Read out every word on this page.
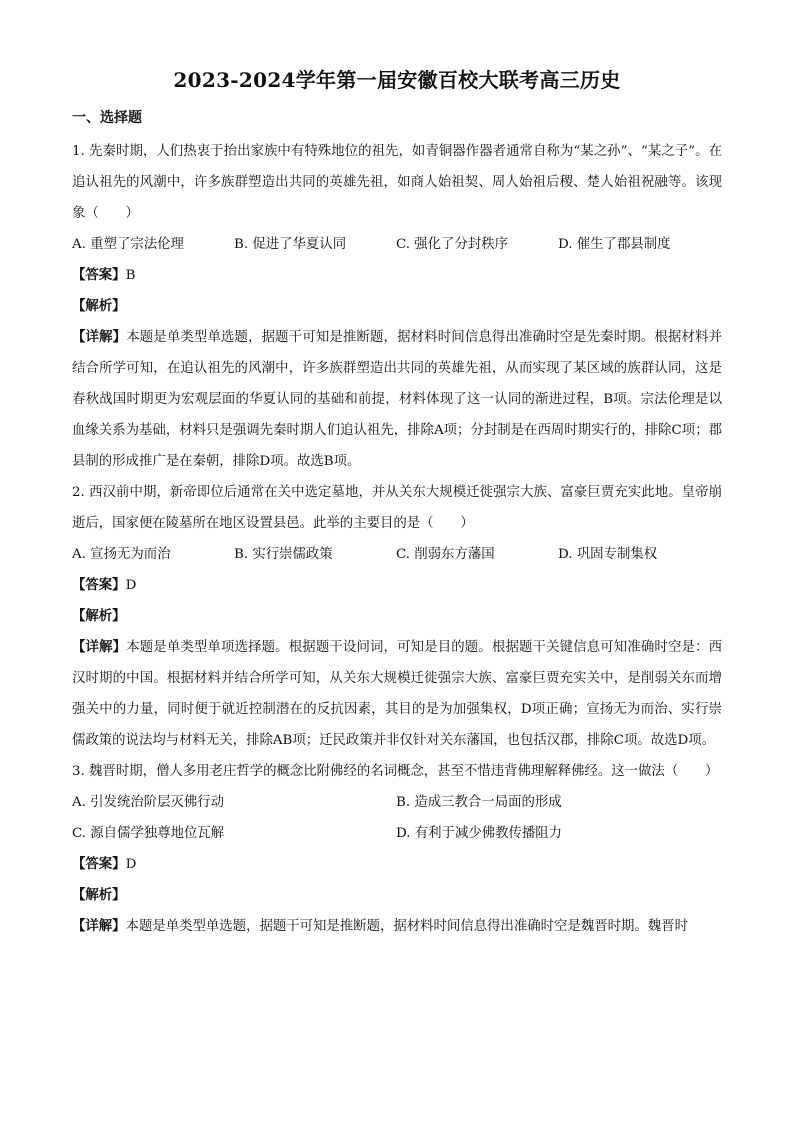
2023-2024学年第一届安徽百校大联考高三历史
一、选择题

1. 先秦时期，人们热衷于抬出家族中有特殊地位的祖先，如青铜器作器者通常自称为“某之孙”、“某之子”。在追认祖先的风潮中，许多族群塑造出共同的英雄先祖，如商人始祖契、周人始祖后稷、楚人始祖祝融等。该现象（　　）

A. 重塑了宗法伦理	B. 促进了华夏认同	C. 强化了分封秩序	D. 催生了郡县制度
【答案】B
【解析】

【详解】本题是单类型单选题，据题干可知是推断题，据材料时间信息得出准确时空是先秦时期。根据材料并结合所学可知，在追认祖先的风潮中，许多族群塑造出共同的英雄先祖，从而实现了某区域的族群认同，这是春秋战国时期更为宏观层面的华夏认同的基础和前提，材料体现了这一认同的渐进过程，B项。宗法伦理是以血缘关系为基础，材料只是强调先秦时期人们追认祖先，排除A项；分封制是在西周时期实行的，排除C项；郡县制的形成推广是在秦朝，排除D项。故选B项。

2. 西汉前中期，新帝即位后通常在关中选定墓地，并从关东大规模迁徙强宗大族、富豪巨贾充实此地。皇帝崩逝后，国家便在陵墓所在地区设置县邑。此举的主要目的是（　　）

A. 宣扬无为而治	B. 实行崇儒政策	C. 削弱东方藩国	D. 巩固专制集权
【答案】D
【解析】

【详解】本题是单类型单项选择题。根据题干设问词，可知是目的题。根据题干关键信息可知准确时空是：西汉时期的中国。根据材料并结合所学可知，从关东大规模迁徙强宗大族、富豪巨贾充实关中，是削弱关东而增强关中的力量，同时便于就近控制潜在的反抗因素，其目的是为加强集权，D项正确；宣扬无为而治、实行崇儒政策的说法均与材料无关，排除AB项；迁民政策并非仅针对关东藩国，也包括汉郡，排除C项。故选D项。

3. 魏晋时期，僧人多用老庄哲学的概念比附佛经的名词概念，甚至不惜违背佛理解释佛经。这一做法（　　）

A. 引发统治阶层灭佛行动	B. 造成三教合一局面的形成
C. 源自儒学独尊地位瓦解	D. 有利于减少佛教传播阻力
【答案】D
【解析】

【详解】本题是单类型单选题，据题干可知是推断题，据材料时间信息得出准确时空是魏晋时期。魏晋时
